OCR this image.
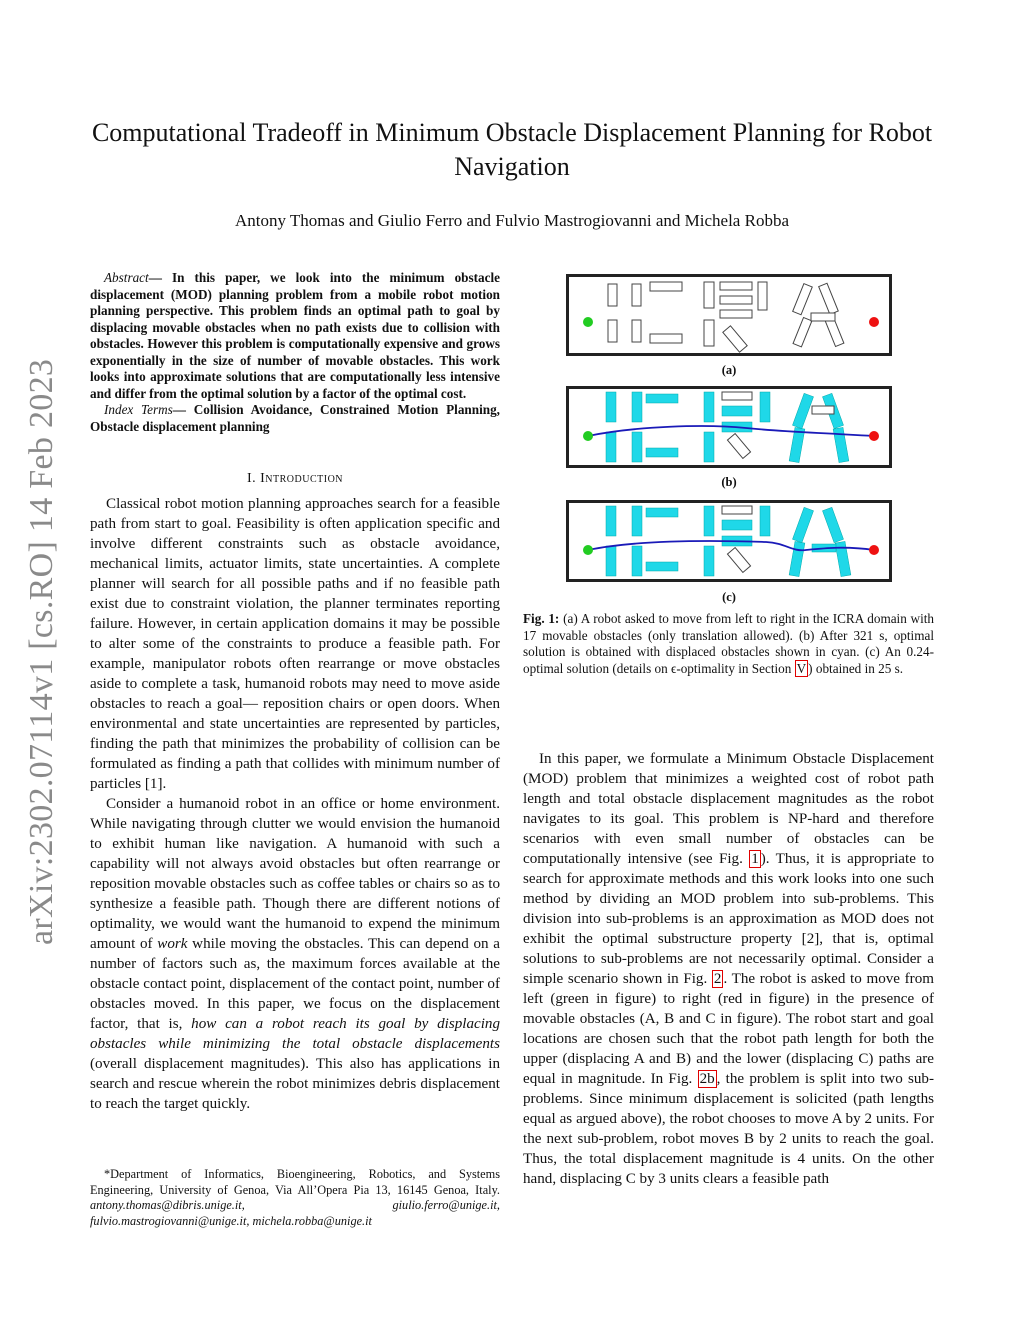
arXiv:2302.07114v1 [cs.RO] 14 Feb 2023
Computational Tradeoff in Minimum Obstacle Displacement Planning for Robot Navigation
Antony Thomas and Giulio Ferro and Fulvio Mastrogiovanni and Michela Robba

Abstract— In this paper, we look into the minimum obstacle displacement (MOD) planning problem from a mobile robot motion planning perspective. This problem finds an optimal path to goal by displacing movable obstacles when no path exists due to collision with obstacles. However this problem is computationally expensive and grows exponentially in the size of number of movable obstacles. This work looks into approximate solutions that are computationally less intensive and differ from the optimal solution by a factor of the optimal cost.

Index Terms— Collision Avoidance, Constrained Motion Planning, Obstacle displacement planning

I. Introduction

Classical robot motion planning approaches search for a feasible path from start to goal. Feasibility is often application specific and involve different constraints such as obstacle avoidance, mechanical limits, actuator limits, state uncertainties. A complete planner will search for all possible paths and if no feasible path exist due to constraint violation, the planner terminates reporting failure. However, in certain application domains it may be possible to alter some of the constraints to produce a feasible path. For example, manipulator robots often rearrange or move obstacles aside to complete a task, humanoid robots may need to move aside obstacles to reach a goal— reposition chairs or open doors. When environmental and state uncertainties are represented by particles, finding the path that minimizes the probability of collision can be formulated as finding a path that collides with minimum number of particles [1].

Consider a humanoid robot in an office or home environment. While navigating through clutter we would envision the humanoid to exhibit human like navigation. A humanoid with such a capability will not always avoid obstacles but often rearrange or reposition movable obstacles such as coffee tables or chairs so as to synthesize a feasible path. Though there are different notions of optimality, we would want the humanoid to expend the minimum amount of work while moving the obstacles. This can depend on a number of factors such as, the maximum forces available at the obstacle contact point, displacement of the contact point, number of obstacles moved. In this paper, we focus on the displacement factor, that is, how can a robot reach its goal by displacing obstacles while minimizing the total obstacle displacements (overall displacement magnitudes). This also has applications in search and rescue wherein the robot minimizes debris displacement to reach the target quickly.

*Department of Informatics, Bioengineering, Robotics, and Systems Engineering, University of Genoa, Via All’Opera Pia 13, 16145 Genoa, Italy. antony.thomas@dibris.unige.it, giulio.ferro@unige.it, fulvio.mastrogiovanni@unige.it, michela.robba@unige.it
(a)
(b)
(c)
Fig. 1: (a) A robot asked to move from left to right in the ICRA domain with 17 movable obstacles (only translation allowed). (b) After 321 s, optimal solution is obtained with displaced obstacles shown in cyan. (c) An 0.24-optimal solution (details on ϵ-optimality in Section V ) obtained in 25 s.

In this paper, we formulate a Minimum Obstacle Displacement (MOD) problem that minimizes a weighted cost of robot path length and total obstacle displacement magnitudes as the robot navigates to its goal. This problem is NP-hard and therefore scenarios with even small number of obstacles can be computationally intensive (see Fig. 1 ). Thus, it is appropriate to search for approximate methods and this work looks into one such method by dividing an MOD problem into sub-problems. This division into sub-problems is an approximation as MOD does not exhibit the optimal substructure property [2], that is, optimal solutions to sub-problems are not necessarily optimal. Consider a simple scenario shown in Fig. 2 . The robot is asked to move from left (green in figure) to right (red in figure) in the presence of movable obstacles (A, B and C in figure). The robot start and goal locations are chosen such that the robot path length for both the upper (displacing A and B) and the lower (displacing C) paths are equal in magnitude. In Fig. 2b , the problem is split into two sub-problems. Since minimum displacement is solicited (path lengths equal as argued above), the robot chooses to move A by 2 units. For the next sub-problem, robot moves B by 2 units to reach the goal. Thus, the total displacement magnitude is 4 units. On the other hand, displacing C by 3 units clears a feasible path
